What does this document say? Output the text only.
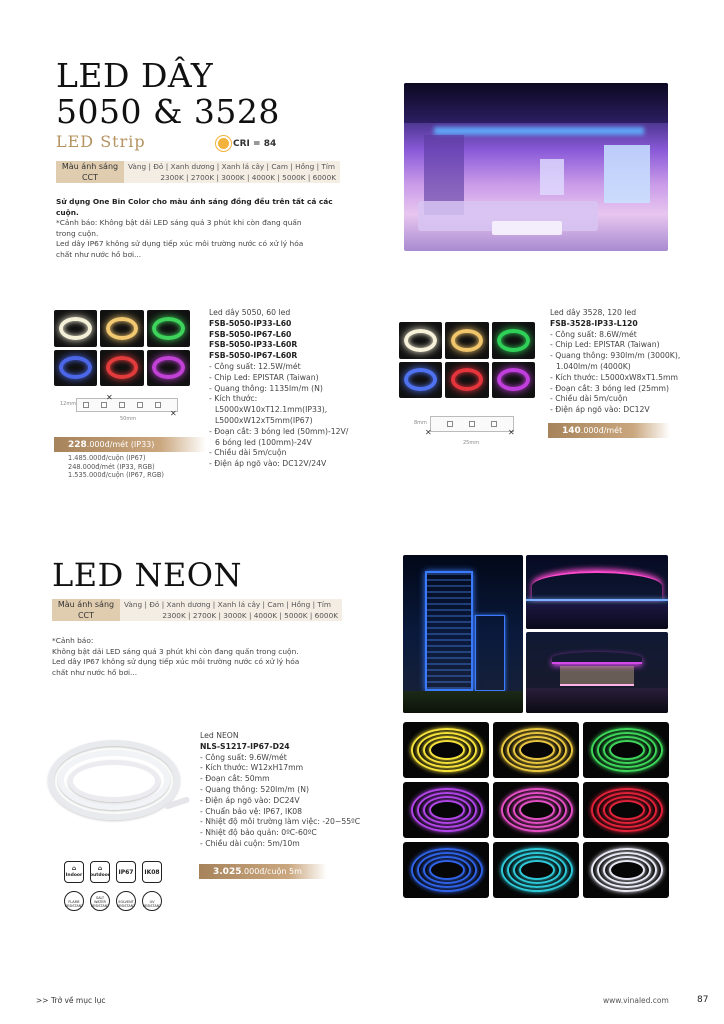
LED DÂY
5050 & 3528
LED Strip	CRI = 84
Màu ánh sáng	Vàng | Đỏ | Xanh dương | Xanh lá cây | Cam | Hồng | Tím
CCT	2300K | 2700K | 3000K | 4000K | 5000K | 6000K
Sử dụng One Bin Color cho màu ánh sáng đồng đều trên tất cả các cuộn.
*Cảnh báo: Không bật dải LED sáng quá 3 phút khi còn đang quấn
trong cuộn.
Led dây IP67 không sử dụng tiếp xúc môi trường nước có xử lý hóa
chất như nước hồ bơi...
12mm
50mm
✕
✕
228.000đ/mét (IP33)
1.485.000đ/cuộn (IP67)
248.000đ/mét (IP33, RGB)
1.535.000đ/cuộn (IP67, RGB)
Led dây 5050, 60 led
FSB-5050-IP33-L60
FSB-5050-IP67-L60
FSB-5050-IP33-L60R
FSB-5050-IP67-L60R
- Công suất: 12.5W/mét
- Chip Led: EPISTAR (Taiwan)
- Quang thông: 1135lm/m (N)
- Kích thước:
L5000xW10xT12.1mm(IP33),
L5000xW12xT5mm(IP67)
- Đoạn cắt: 3 bóng led (50mm)-12V/
6 bóng led (100mm)-24V
- Chiều dài 5m/cuộn
- Điện áp ngõ vào: DC12V/24V
8mm
25mm
✕	✕
Led dây 3528, 120 led
FSB-3528-IP33-L120
- Công suất: 8.6W/mét
- Chip Led: EPISTAR (Taiwan)
- Quang thông: 930lm/m (3000K),
1.040lm/m (4000K)
- Kích thước: L5000xW8xT1.5mm
- Đoạn cắt: 3 bóng led (25mm)
- Chiều dài 5m/cuộn
- Điện áp ngõ vào: DC12V
140.000đ/mét
LED NEON
Màu ánh sáng	Vàng | Đỏ | Xanh dương | Xanh lá cây | Cam | Hồng | Tím
CCT	2300K | 2700K | 3000K | 4000K | 5000K | 6000K
*Cảnh báo:
Không bật dải LED sáng quá 3 phút khi còn đang quấn trong cuộn.
Led dây IP67 không sử dụng tiếp xúc môi trường nước có xử lý hóa
chất như nước hồ bơi...
⌂
Indoor
⌂
outdoor	IP67	IK08
FLAME RESISTANT
SALT WATER RESISTANT
SOLVENT RESISTANT
UV RESISTANT
Led NEON
NLS-S1217-IP67-D24
- Công suất: 9.6W/mét
- Kích thước: W12xH17mm
- Đoạn cắt: 50mm
- Quang thông: 520lm/m (N)
- Điện áp ngõ vào: DC24V
- Chuẩn bảo vệ: IP67, IK08
- Nhiệt độ môi trường làm việc: -20~55ºC
- Nhiệt độ bảo quản: 0ºC-60ºC
- Chiều dài cuộn: 5m/10m
3.025.000đ/cuộn 5m
>> Trở về mục lục	www.vinaled.com	87
